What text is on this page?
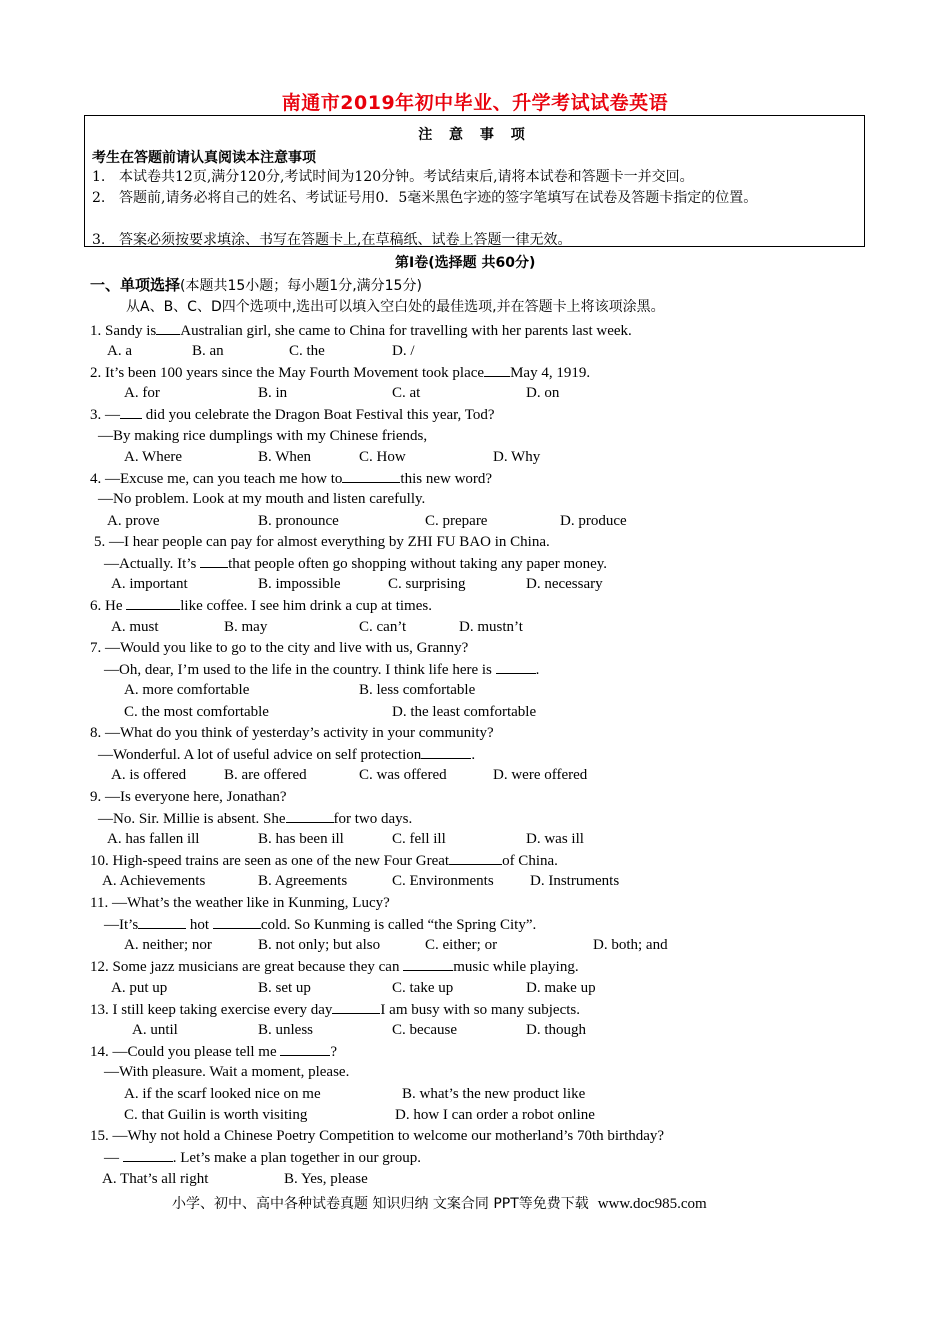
南通市2019年初中毕业、升学考试试卷英语
注 意 事 项
考生在答题前请认真阅读本注意事项
1. 本试卷共12页,满分120分,考试时间为120分钟。考试结束后,请将本试卷和答题卡一并交回。
2. 答题前,请务必将自己的姓名、考试证号用0．5毫米黑色字迹的签字笔填写在试卷及答题卡指定的位置。
3. 答案必须按要求填涂、书写在答题卡上,在草稿纸、试卷上答题一律无效。
第Ⅰ卷(选择题 共60分)
一、单项选择(本题共15小题；每小题1分,满分15分)
从A、B、C、D四个选项中,选出可以填入空白处的最佳选项,并在答题卡上将该项涂黑。
1. Sandy is Australian girl, she came to China for travelling with her parents last week.
A. a	B. an	C. the	D. /
2. It’s been 100 years since the May Fourth Movement took place May 4, 1919.
A. for	B. in	C. at	D. on
3. — did you celebrate the Dragon Boat Festival this year, Tod?
—By making rice dumplings with my Chinese friends,
A. Where	B. When	C. How	D. Why
4. —Excuse me, can you teach me how to	this new word?
—No problem. Look at my mouth and listen carefully.
A. prove	B. pronounce	C. prepare	D. produce
5. —I hear people can pay for almost everything by ZHI FU BAO in China.
—Actually. It’s that people often go shopping without taking any paper money.
A. important	B. impossible	C. surprising	D. necessary
6. He	like coffee. I see him drink a cup at times.
A. must	B. may	C. can’t	D. mustn’t
7. —Would you like to go to the city and live with us, Granny?
—Oh, dear, I’m used to the life in the country. I think life here is	.
A. more comfortable	B. less comfortable
C. the most comfortable	D. the least comfortable
8. —What do you think of yesterday’s activity in your community?
—Wonderful. A lot of useful advice on self protection	.
A. is offered	B. are offered	C. was offered	D. were offered
9. —Is everyone here, Jonathan?
—No. Sir. Millie is absent. She	for two days.
A. has fallen ill	B. has been ill	C. fell ill	D. was ill
10. High-speed trains are seen as one of the new Four Great	of China.
A. Achievements	B. Agreements	C. Environments D. Instruments
11. —What’s the weather like in Kunming, Lucy?
—It’s	hot	cold. So Kunming is called “the Spring City”.
A. neither; nor	B. not only; but also	C. either; or	D. both; and
12. Some jazz musicians are great because they can	music while playing.
A. put up	B. set up	C. take up	D. make up
13. I still keep taking exercise every day	I am busy with so many subjects.
A. until	B. unless	C. because	D. though
14. —Could you please tell me	?
—With pleasure. Wait a moment, please.
A. if the scarf looked nice on me	B. what’s the new product like
C. that Guilin is worth visiting	D. how I can order a robot online
15. —Why not hold a Chinese Poetry Competition to welcome our motherland’s 70th birthday?
—	. Let’s make a plan together in our group.
A. That’s all right	B. Yes, please
小学、初中、高中各种试卷真题 知识归纳 文案合同 PPT等免费下载 www.doc985.com
